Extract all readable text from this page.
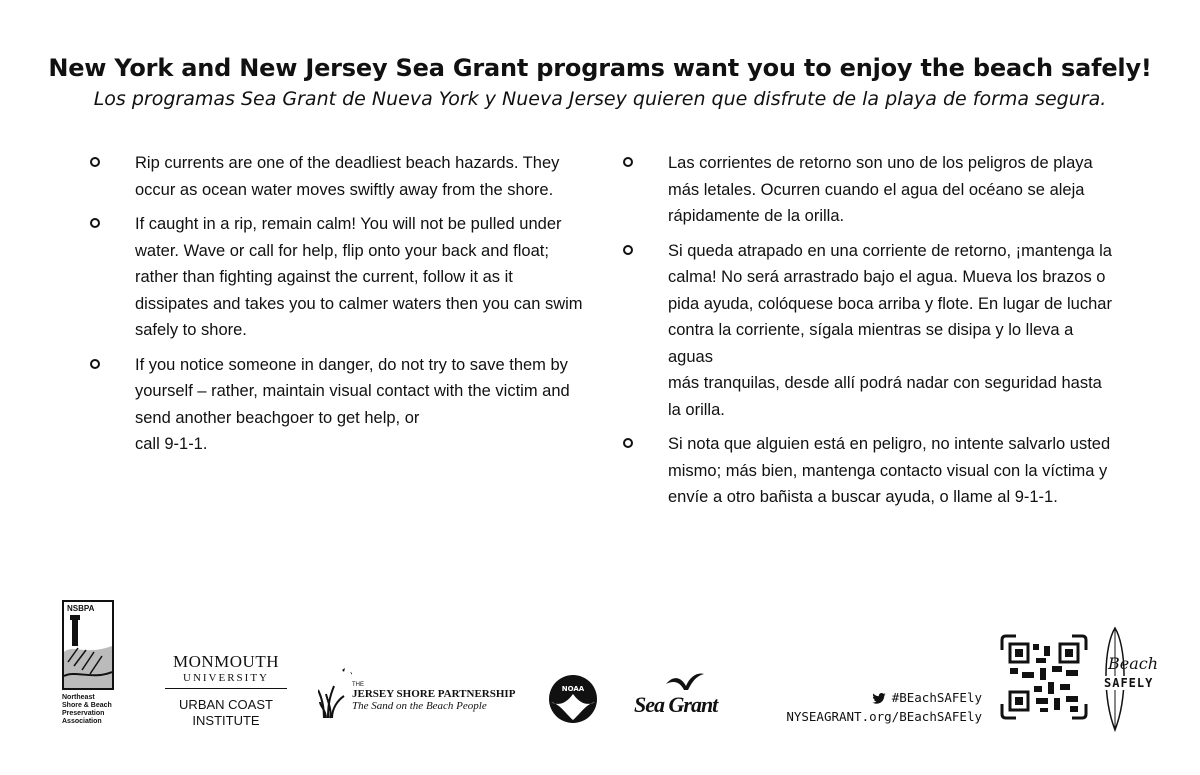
New York and New Jersey Sea Grant programs want you to enjoy the beach safely!

Los programas Sea Grant de Nueva York y Nueva Jersey quieren que disfrute de la playa de forma segura.

Rip currents are one of the deadliest beach hazards. They
occur as ocean water moves swiftly away from the shore.
If caught in a rip, remain calm! You will not be pulled under
water. Wave or call for help, flip onto your back and float;
rather than fighting against the current, follow it as it
dissipates and takes you to calmer waters then you can swim
safely to shore.
If you notice someone in danger, do not try to save them by
yourself – rather, maintain visual contact with the victim and
send another beachgoer to get help, or
call 9-1-1.
Las corrientes de retorno son uno de los peligros de playa
más letales. Ocurren cuando el agua del océano se aleja
rápidamente de la orilla.
Si queda atrapado en una corriente de retorno, ¡mantenga la
calma! No será arrastrado bajo el agua. Mueva los brazos o
pida ayuda, colóquese boca arriba y flote. En lugar de luchar
contra la corriente, sígala mientras se disipa y lo lleva a aguas
más tranquilas, desde allí podrá nadar con seguridad hasta
la orilla.
Si nota que alguien está en peligro, no intente salvarlo usted
mismo; más bien, mantenga contacto visual con la víctima y
envíe a otro bañista a buscar ayuda, o llame al 9-1-1.
NSBPA
Northeast
Shore & Beach
Preservation
Association
MONMOUTH
UNIVERSITY
URBAN COAST
INSTITUTE
THE
JERSEY SHORE PARTNERSHIP
The Sand on the Beach People
NOAA
Sea Grant	#BEachSAFEly
NYSEAGRANT.org/BEachSAFEly
Beach
SAFELY
